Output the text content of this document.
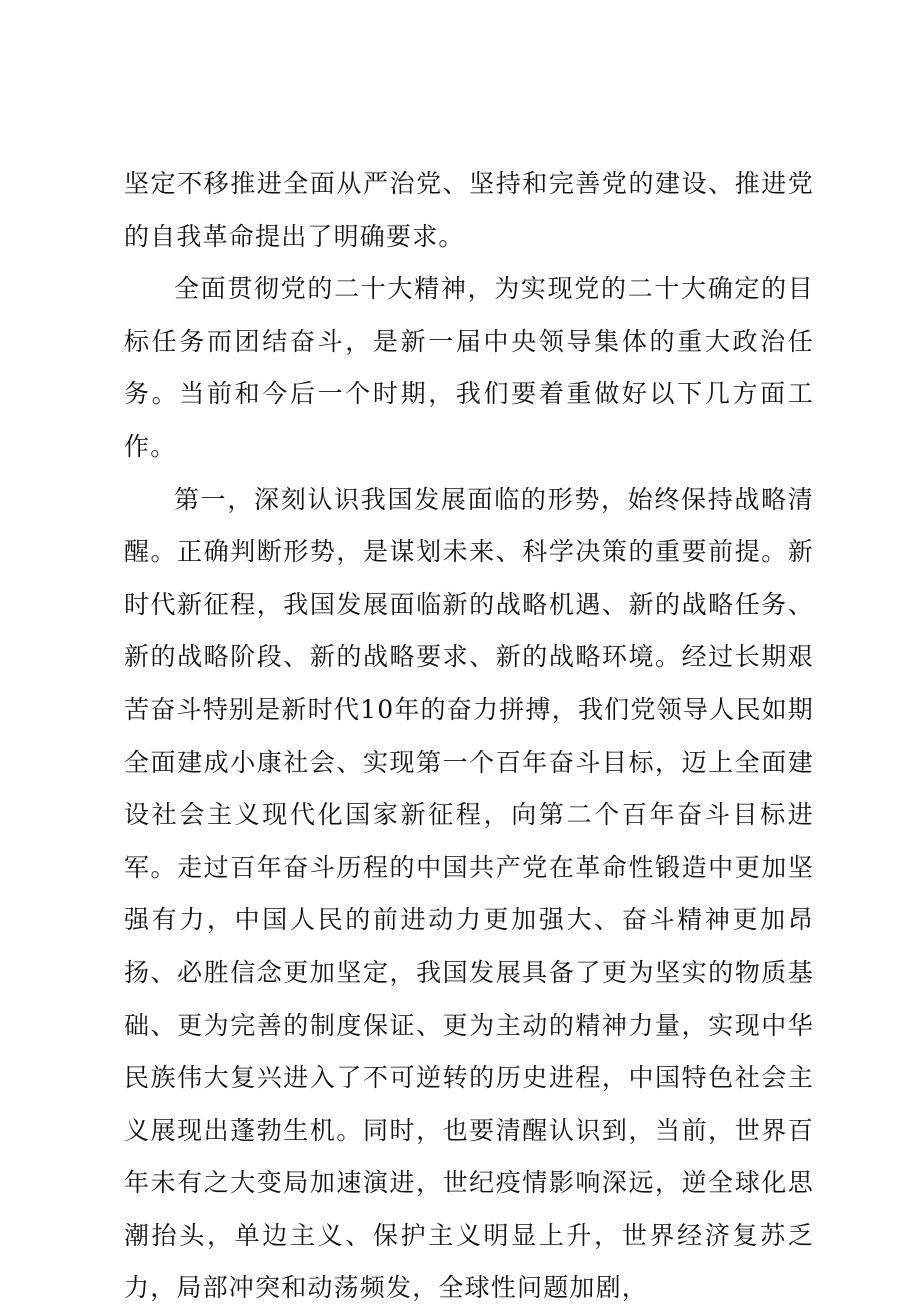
坚定不移推进全面从严治党、坚持和完善党的建设、推进党的自我革命提出了明确要求。

全面贯彻党的二十大精神，为实现党的二十大确定的目标任务而团结奋斗，是新一届中央领导集体的重大政治任务。当前和今后一个时期，我们要着重做好以下几方面工作。

第一，深刻认识我国发展面临的形势，始终保持战略清醒。正确判断形势，是谋划未来、科学决策的重要前提。新时代新征程，我国发展面临新的战略机遇、新的战略任务、新的战略阶段、新的战略要求、新的战略环境。经过长期艰苦奋斗特别是新时代10年的奋力拼搏，我们党领导人民如期全面建成小康社会、实现第一个百年奋斗目标，迈上全面建设社会主义现代化国家新征程，向第二个百年奋斗目标进军。走过百年奋斗历程的中国共产党在革命性锻造中更加坚强有力，中国人民的前进动力更加强大、奋斗精神更加昂扬、必胜信念更加坚定，我国发展具备了更为坚实的物质基础、更为完善的制度保证、更为主动的精神力量，实现中华民族伟大复兴进入了不可逆转的历史进程，中国特色社会主义展现出蓬勃生机。同时，也要清醒认识到，当前，世界百年未有之大变局加速演进，世纪疫情影响深远，逆全球化思潮抬头，单边主义、保护主义明显上升，世界经济复苏乏力，局部冲突和动荡频发，全球性问题加剧，
